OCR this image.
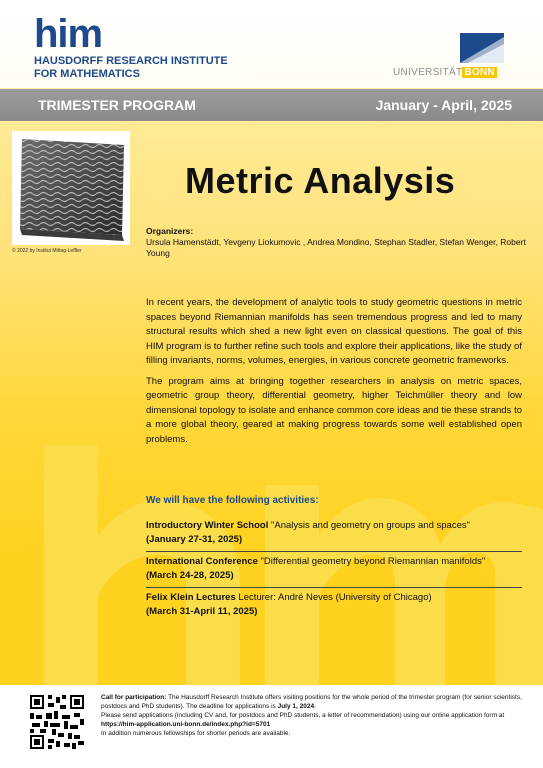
him
HAUSDORFF RESEARCH INSTITUTE
FOR MATHEMATICS	UNIVERSITÄT BONN
TRIMESTER PROGRAM	January - April, 2025
© 2022 by Institut Mittag-Leffler
Metric Analysis
Organizers:
Ursula Hamenstädt, Yevgeny Liokumovic , Andrea Mondino, Stephan Stadler, Stefan Wenger, Robert Young

In recent years, the development of analytic tools to study geometric questions in metric spaces beyond Riemannian manifolds has seen tremendous progress and led to many structural results which shed a new light even on classical questions. The goal of this HIM program is to further refine such tools and explore their applications, like the study of filling invariants, norms, volumes, energies, in various concrete geometric frameworks.

The program aims at bringing together researchers in analysis on metric spaces, geometric group theory, differential geometry, higher Teichmüller theory and low dimensional topology to isolate and enhance common core ideas and tie these strands to a more global theory, geared at making progress towards some well established open problems.

We will have the following activities:
Introductory Winter School "Analysis and geometry on groups and spaces"
(January 27-31, 2025)
International Conference "Differential geometry beyond Riemannian manifolds"
(March 24-28, 2025)
Felix Klein Lectures Lecturer: André Neves (University of Chicago)
(March 31-April 11, 2025)
Call for participation: The Hausdorff Research Institute offers visiting positions for the whole period of the trimester program (for senior scientists, postdocs and PhD students). The deadline for applications is July 1, 2024.
Please send applications (including CV and, for postdocs and PhD students, a letter of recommendation) using our online application form at https://him-application.uni-bonn.de/index.php?id=5701
In addition numerous fellowships for shorter periods are available.
